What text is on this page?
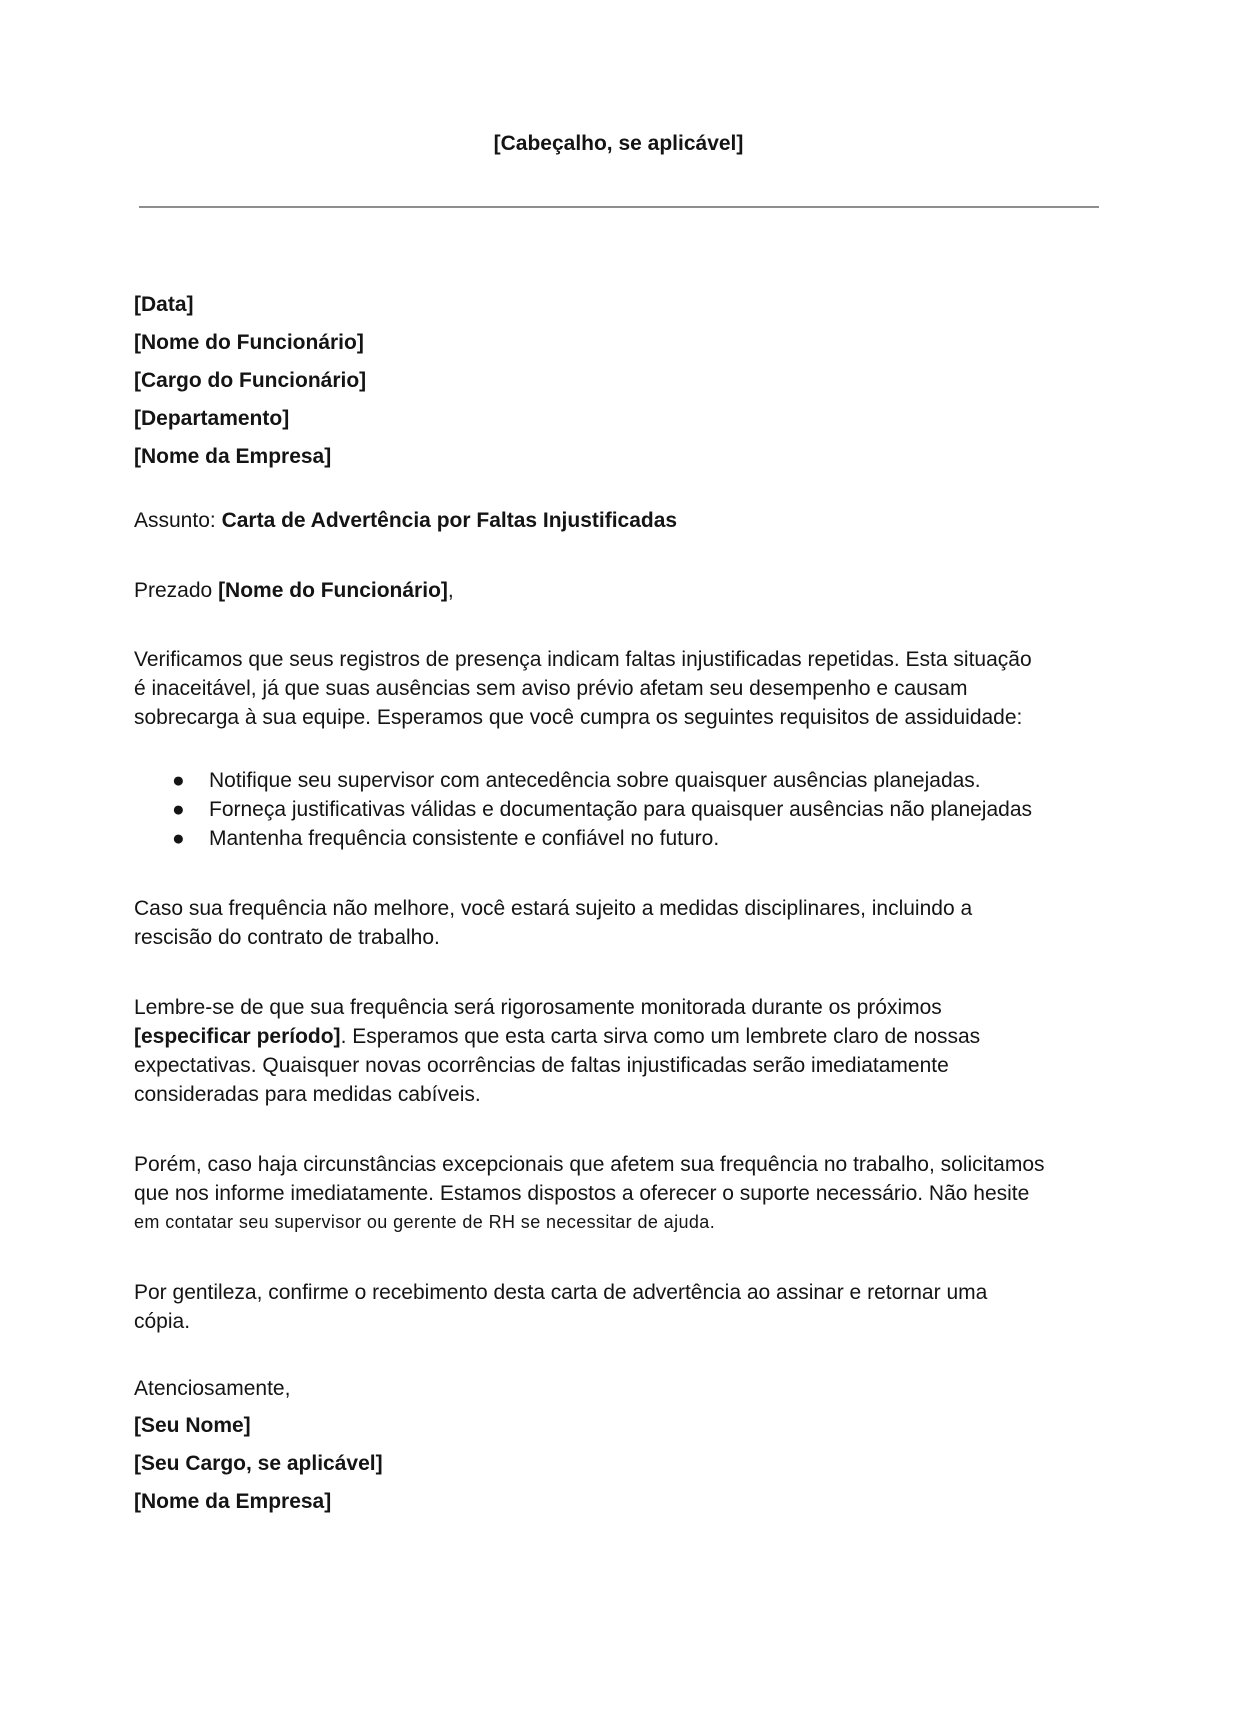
[Cabeçalho, se aplicável]
[Data]
[Nome do Funcionário]
[Cargo do Funcionário]
[Departamento]
[Nome da Empresa]

Assunto: Carta de Advertência por Faltas Injustificadas

Prezado [Nome do Funcionário],

Verificamos que seus registros de presença indicam faltas injustificadas repetidas. Esta situação

é inaceitável, já que suas ausências sem aviso prévio afetam seu desempenho e causam

sobrecarga à sua equipe. Esperamos que você cumpra os seguintes requisitos de assiduidade:

● Notifique seu supervisor com antecedência sobre quaisquer ausências planejadas.
● Forneça justificativas válidas e documentação para quaisquer ausências não planejadas
● Mantenha frequência consistente e confiável no futuro.

Caso sua frequência não melhore, você estará sujeito a medidas disciplinares, incluindo a

rescisão do contrato de trabalho.

Lembre-se de que sua frequência será rigorosamente monitorada durante os próximos

[especificar período]. Esperamos que esta carta sirva como um lembrete claro de nossas

expectativas. Quaisquer novas ocorrências de faltas injustificadas serão imediatamente

consideradas para medidas cabíveis.

Porém, caso haja circunstâncias excepcionais que afetem sua frequência no trabalho, solicitamos

que nos informe imediatamente. Estamos dispostos a oferecer o suporte necessário. Não hesite

em contatar seu supervisor ou gerente de RH se necessitar de ajuda.

Por gentileza, confirme o recebimento desta carta de advertência ao assinar e retornar uma

cópia.

Atenciosamente,
[Seu Nome]
[Seu Cargo, se aplicável]
[Nome da Empresa]
